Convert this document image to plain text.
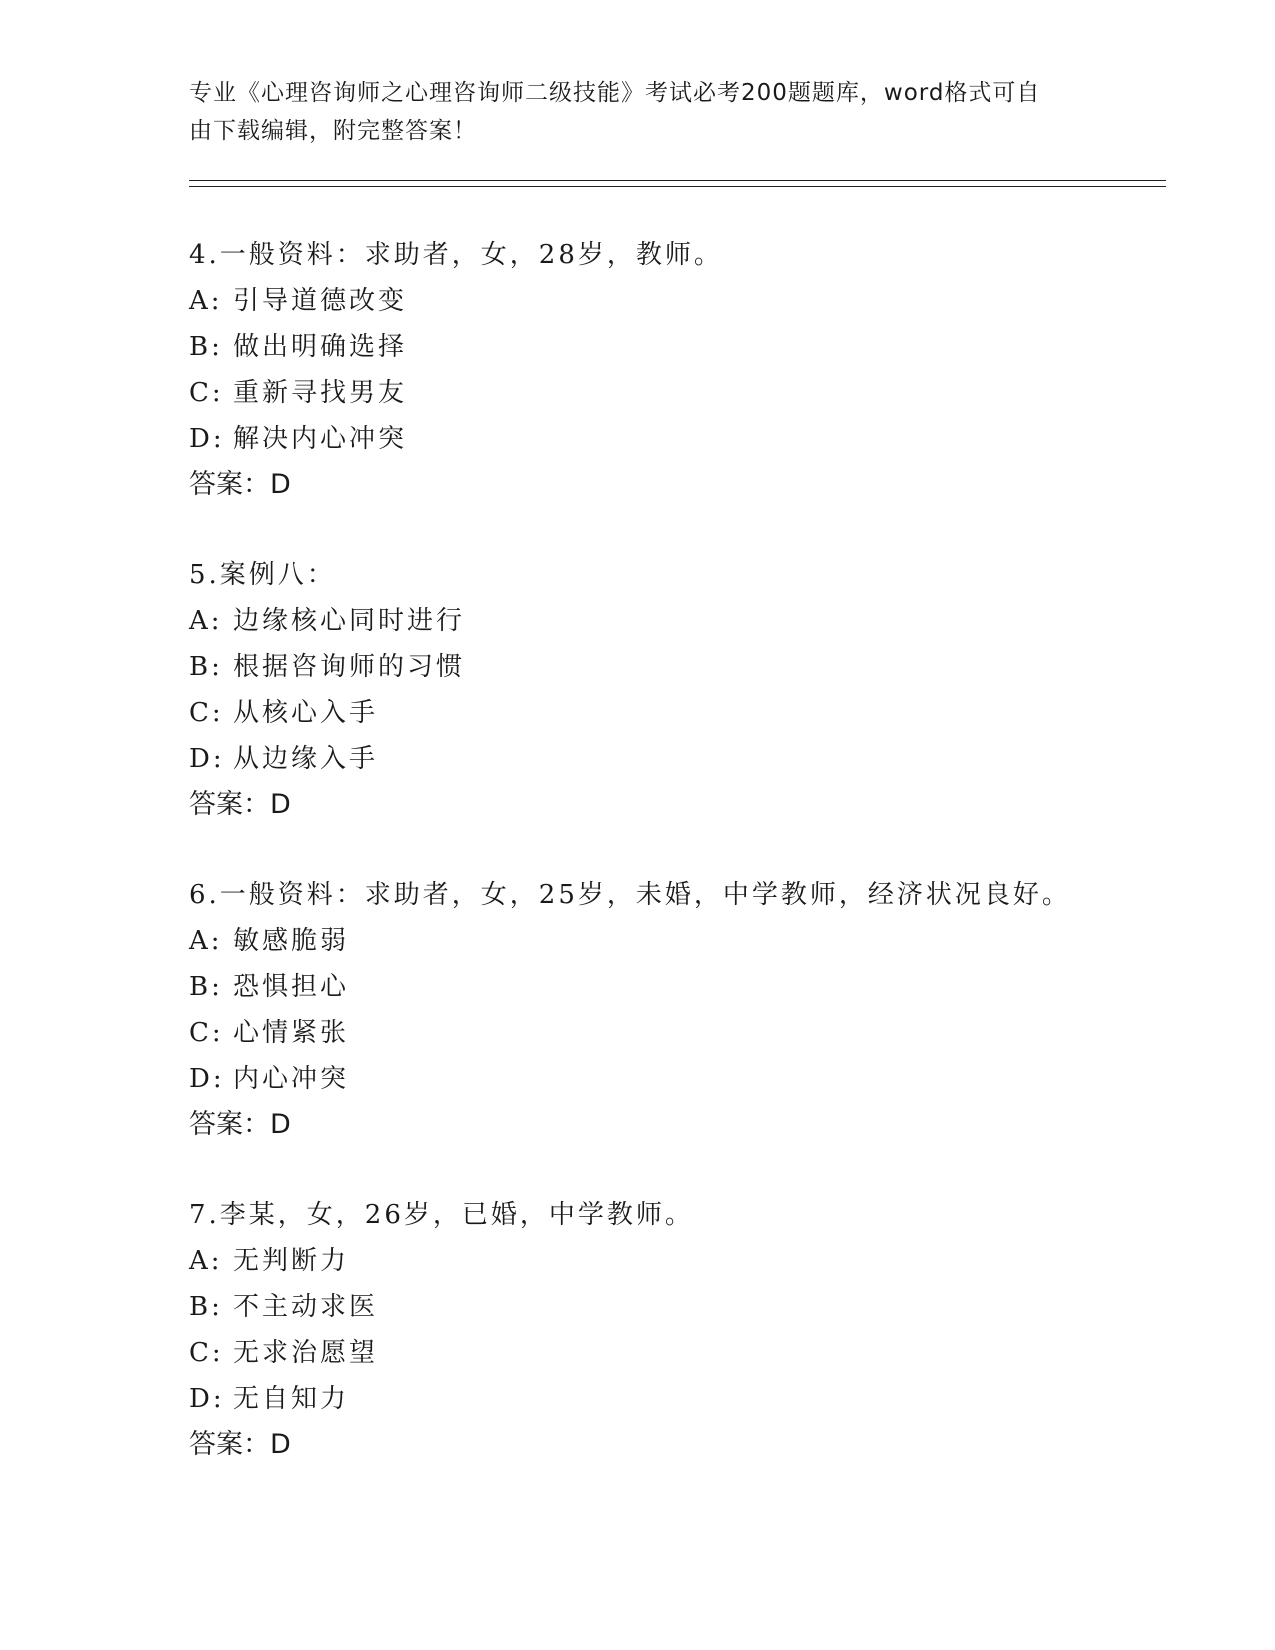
专业《心理咨询师之心理咨询师二级技能》考试必考200题题库，word格式可自
由下载编辑，附完整答案！
4.一般资料：求助者，女，28岁，教师。
A: 引导道德改变
B: 做出明确选择
C: 重新寻找男友
D: 解决内心冲突
答案：D
5.案例八：
A: 边缘核心同时进行
B: 根据咨询师的习惯
C: 从核心入手
D: 从边缘入手
答案：D
6.一般资料：求助者，女，25岁，未婚，中学教师，经济状况良好。
A: 敏感脆弱
B: 恐惧担心
C: 心情紧张
D: 内心冲突
答案：D
7.李某，女，26岁，已婚，中学教师。
A: 无判断力
B: 不主动求医
C: 无求治愿望
D: 无自知力
答案：D
